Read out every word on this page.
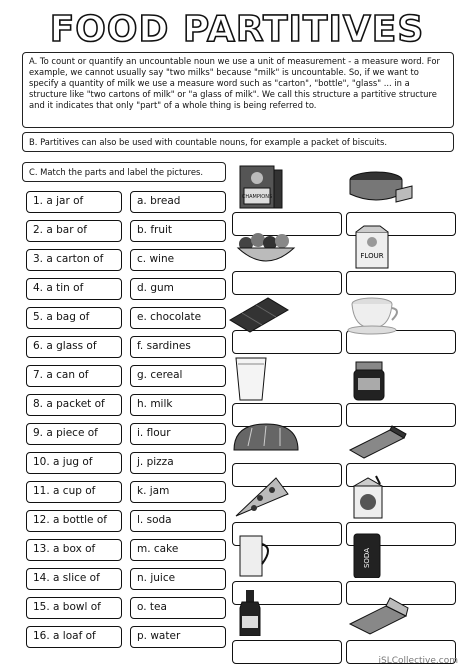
FOOD PARTITIVES
A. To count or quantify an uncountable noun we use a unit of measurement - a measure word. For example, we cannot usually say "two milks" because "milk" is uncountable. So, if we want to specify a quantity of milk we use a measure word such as "carton", "bottle", "glass" ... in a structure like "two cartons of milk" or "a glass of milk". We call this structure a partitive structure and it indicates that only "part" of a whole thing is being referred to.
B. Partitives can also be used with countable nouns, for example a packet of biscuits.
C. Match the parts and label the pictures.
1. a jar of	a. bread
2. a bar of	b. fruit
3. a carton of	c. wine
4. a tin of	d. gum
5. a bag of	e. chocolate
6. a glass of	f. sardines
7. a can of	g. cereal
8. a packet of	h. milk
9. a piece of	i. flour
10. a jug of	j. pizza
11. a cup of	k. jam
12. a bottle of	l. soda
13. a box of	m. cake
14. a slice of	n. juice
15. a bowl of	o. tea
16. a loaf of	p. water
CHAMPIONS
FLOUR
SODA
iSLCollective.com
